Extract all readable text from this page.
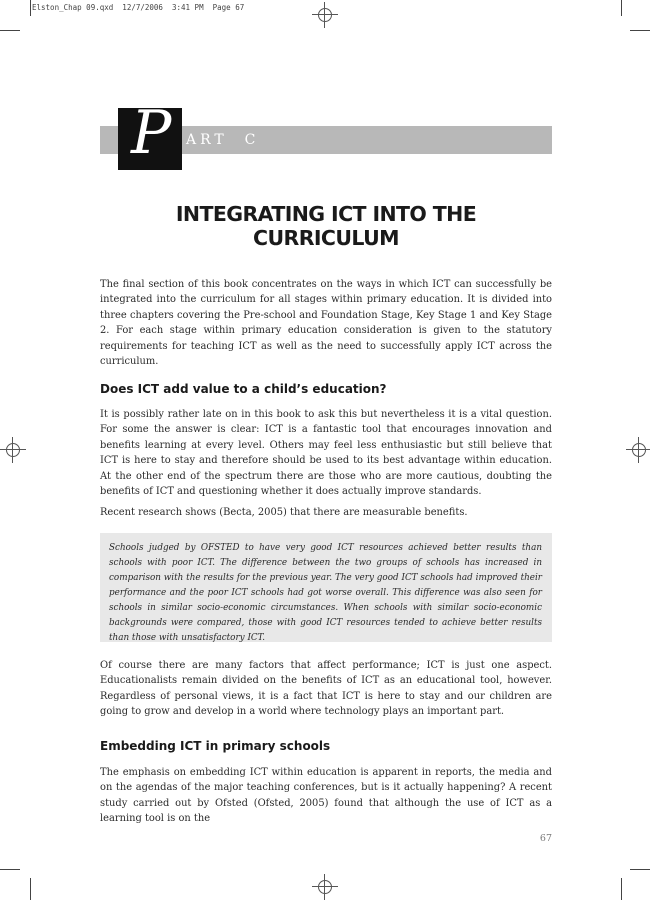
Elston_Chap 09.qxd  12/7/2006  3:41 PM  Page 67
P ART  C
INTEGRATING ICT INTO THE CURRICULUM

The final section of this book concentrates on the ways in which ICT can successfully be integrated into the curriculum for all stages within primary education. It is divided into three chapters covering the Pre-school and Foundation Stage, Key Stage 1 and Key Stage 2. For each stage within primary education consideration is given to the statutory requirements for teaching ICT as well as the need to successfully apply ICT across the curriculum.

Does ICT add value to a child’s education?

It is possibly rather late on in this book to ask this but nevertheless it is a vital question. For some the answer is clear: ICT is a fantastic tool that encourages innovation and benefits learning at every level. Others may feel less enthusiastic but still believe that ICT is here to stay and therefore should be used to its best advantage within education. At the other end of the spectrum there are those who are more cautious, doubting the benefits of ICT and questioning whether it does actually improve standards.

Recent research shows (Becta, 2005) that there are measurable benefits.

Schools judged by OFSTED to have very good ICT resources achieved better results than schools with poor ICT. The difference between the two groups of schools has increased in comparison with the results for the previous year. The very good ICT schools had improved their performance and the poor ICT schools had got worse overall. This difference was also seen for schools in similar socio-economic circumstances. When schools with similar socio-economic backgrounds were compared, those with good ICT resources tended to achieve better results than those with unsatisfactory ICT.

Of course there are many factors that affect performance; ICT is just one aspect. Educationalists remain divided on the benefits of ICT as an educational tool, however. Regardless of personal views, it is a fact that ICT is here to stay and our children are going to grow and develop in a world where technology plays an important part.

Embedding ICT in primary schools

The emphasis on embedding ICT within education is apparent in reports, the media and on the agendas of the major teaching conferences, but is it actually happening? A recent study carried out by Ofsted (Ofsted, 2005) found that although the use of ICT as a learning tool is on the

67
